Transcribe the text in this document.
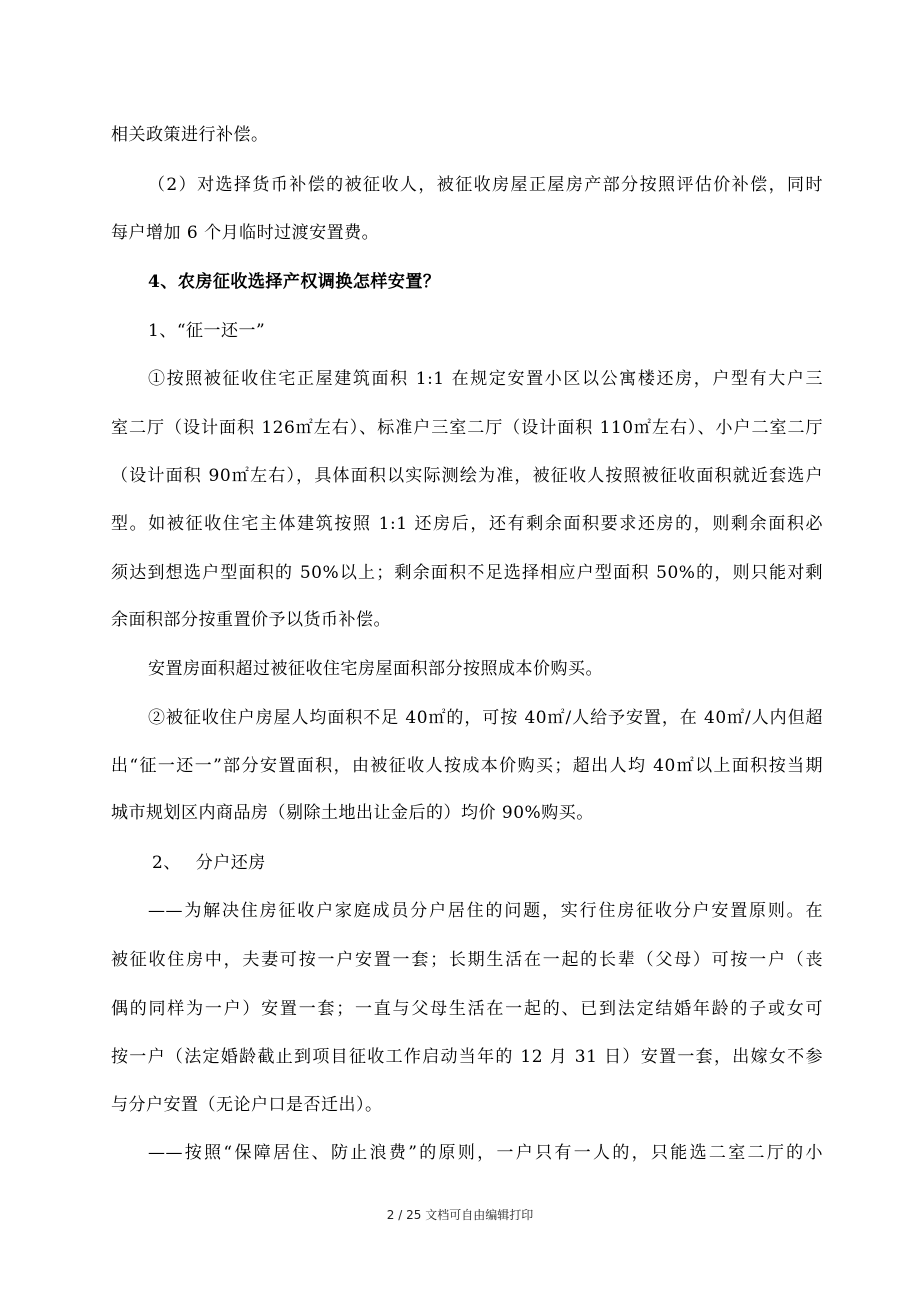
相关政策进行补偿。
（2）对选择货币补偿的被征收人，被征收房屋正屋房产部分按照评估价补偿，同时
每户增加 6 个月临时过渡安置费。
4、农房征收选择产权调换怎样安置？
1、“征一还一”
①按照被征收住宅正屋建筑面积 1:1 在规定安置小区以公寓楼还房，户型有大户三
室二厅（设计面积 126㎡左右）、标准户三室二厅（设计面积 110㎡左右）、小户二室二厅
（设计面积 90㎡左右），具体面积以实际测绘为准，被征收人按照被征收面积就近套选户
型。如被征收住宅主体建筑按照 1:1 还房后，还有剩余面积要求还房的，则剩余面积必
须达到想选户型面积的 50%以上；剩余面积不足选择相应户型面积 50%的，则只能对剩
余面积部分按重置价予以货币补偿。
安置房面积超过被征收住宅房屋面积部分按照成本价购买。
②被征收住户房屋人均面积不足 40㎡的，可按 40㎡/人给予安置，在 40㎡/人内但超
出“征一还一”部分安置面积，由被征收人按成本价购买；超出人均 40㎡以上面积按当期
城市规划区内商品房（剔除土地出让金后的）均价 90%购买。
2、　 分户还房
——为解决住房征收户家庭成员分户居住的问题，实行住房征收分户安置原则。在
被征收住房中，夫妻可按一户安置一套；长期生活在一起的长辈（父母）可按一户（丧
偶的同样为一户）安置一套；一直与父母生活在一起的、已到法定结婚年龄的子或女可
按一户（法定婚龄截止到项目征收工作启动当年的 12 月 31 日）安置一套，出嫁女不参
与分户安置（无论户口是否迁出）。
——按照“保障居住、防止浪费”的原则，一户只有一人的，只能选二室二厅的小
2 / 25 文档可自由编辑打印
